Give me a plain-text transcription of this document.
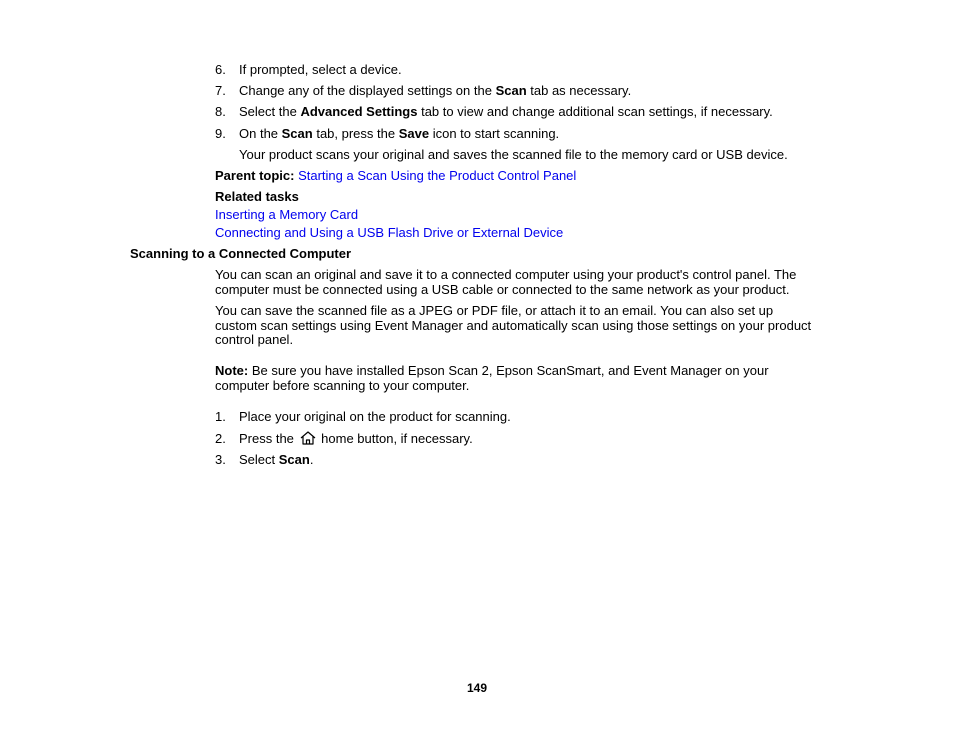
6. If prompted, select a device.
7. Change any of the displayed settings on the Scan tab as necessary.
8. Select the Advanced Settings tab to view and change additional scan settings, if necessary.
9. On the Scan tab, press the Save icon to start scanning.
Your product scans your original and saves the scanned file to the memory card or USB device.
Parent topic: Starting a Scan Using the Product Control Panel
Related tasks
Inserting a Memory Card
Connecting and Using a USB Flash Drive or External Device
Scanning to a Connected Computer
You can scan an original and save it to a connected computer using your product's control panel. The
computer must be connected using a USB cable or connected to the same network as your product.
You can save the scanned file as a JPEG or PDF file, or attach it to an email. You can also set up
custom scan settings using Event Manager and automatically scan using those settings on your product
control panel.
Note: Be sure you have installed Epson Scan 2, Epson ScanSmart, and Event Manager on your
computer before scanning to your computer.
1. Place your original on the product for scanning.
2. Press the home button, if necessary.
3. Select Scan.
149
